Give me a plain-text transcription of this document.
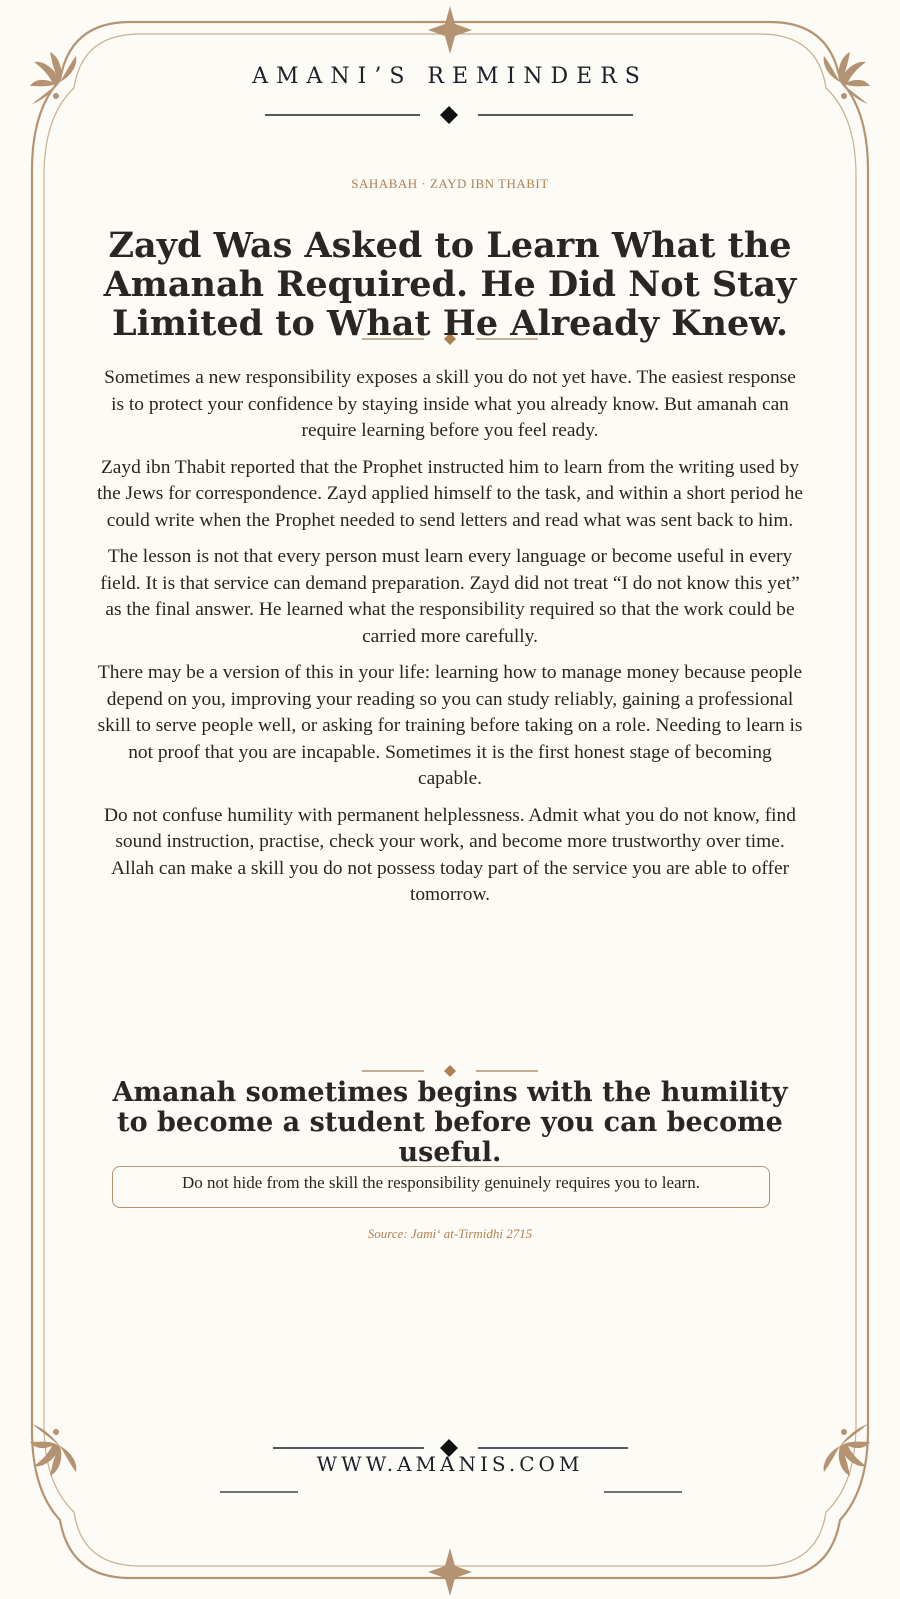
AMANI’S REMINDERS
SAHABAH · ZAYD IBN THABIT
Zayd Was Asked to Learn What the Amanah Required. He Did Not Stay Limited to What He Already Knew.

Sometimes a new responsibility exposes a skill you do not yet have. The easiest response is to protect your confidence by staying inside what you already know. But amanah can require learning before you feel ready.

Zayd ibn Thabit reported that the Prophet instructed him to learn from the writing used by the Jews for correspondence. Zayd applied himself to the task, and within a short period he could write when the Prophet needed to send letters and read what was sent back to him.

The lesson is not that every person must learn every language or become useful in every field. It is that service can demand preparation. Zayd did not treat “I do not know this yet” as the final answer. He learned what the responsibility required so that the work could be carried more carefully.

There may be a version of this in your life: learning how to manage money because people depend on you, improving your reading so you can study reliably, gaining a professional skill to serve people well, or asking for training before taking on a role. Needing to learn is not proof that you are incapable. Sometimes it is the first honest stage of becoming capable.

Do not confuse humility with permanent helplessness. Admit what you do not know, find sound instruction, practise, check your work, and become more trustworthy over time. Allah can make a skill you do not possess today part of the service you are able to offer tomorrow.

Amanah sometimes begins with the humility to become a student before you can become useful.
Do not hide from the skill the responsibility genuinely requires you to learn.
Source: Jami‘ at-Tirmidhi 2715
WWW.AMANIS.COM
